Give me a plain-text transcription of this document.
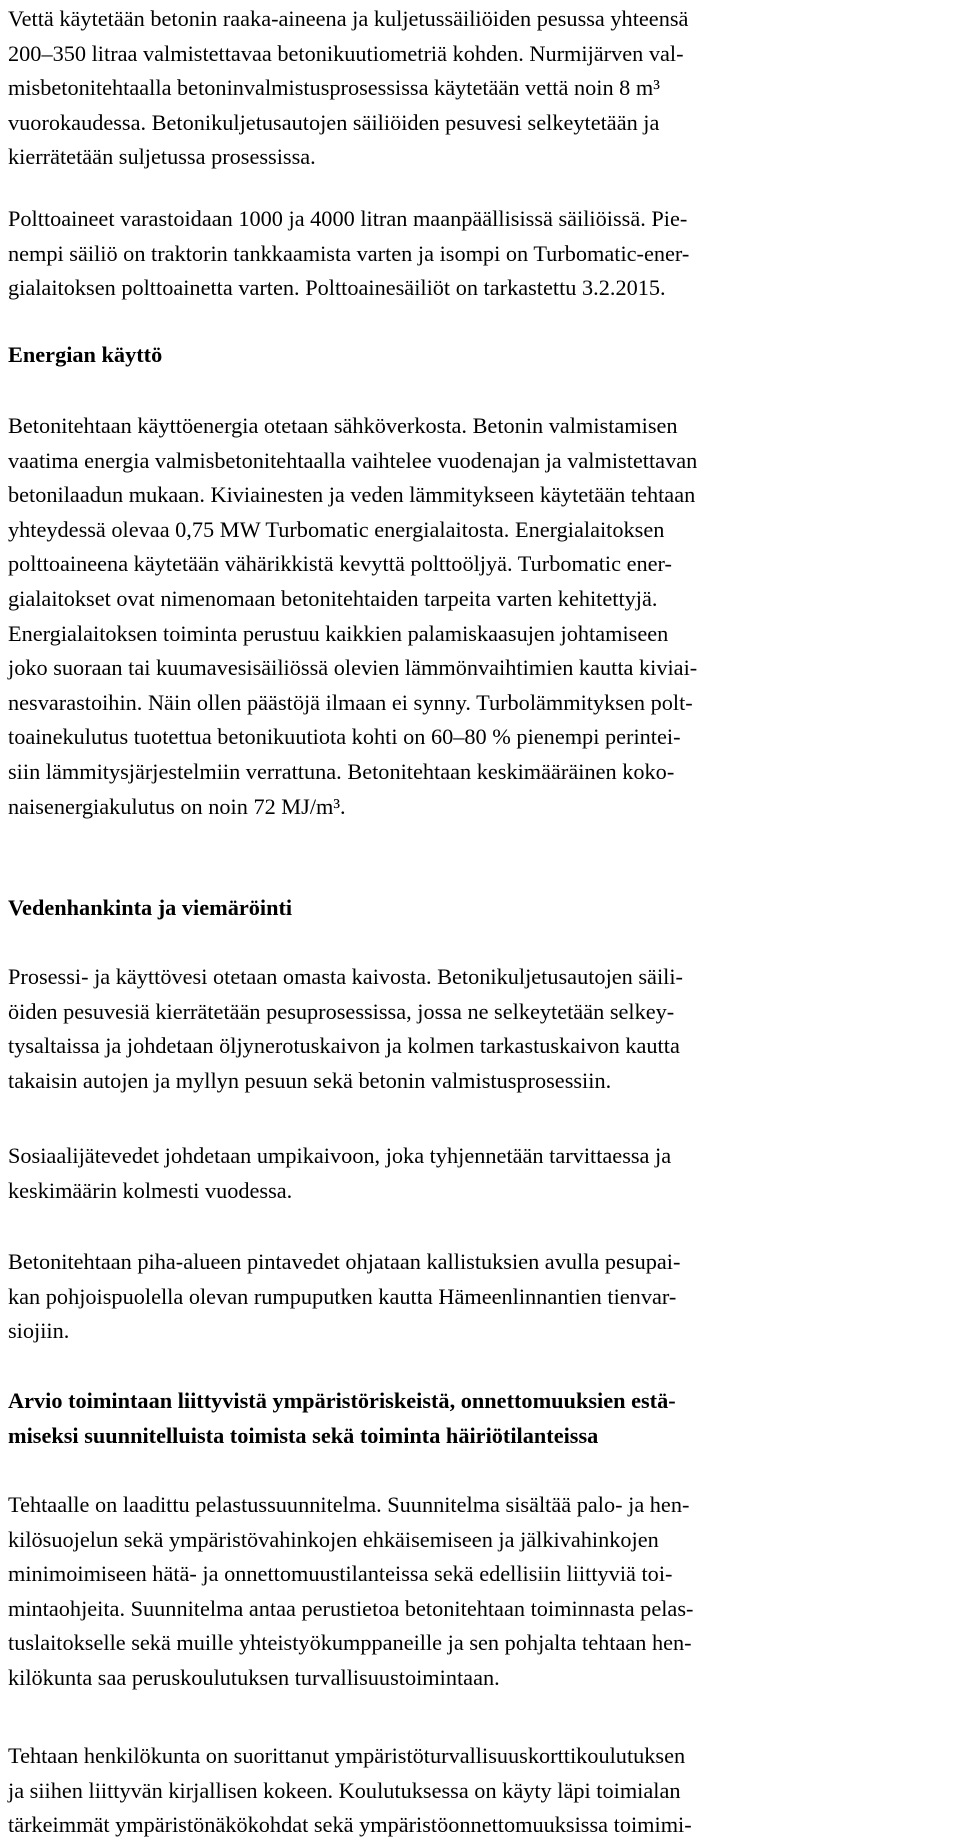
Vettä käytetään betonin raaka-aineena ja kuljetussäiliöiden pesussa yhteensä
200–350 litraa valmistettavaa betonikuutiometriä kohden. Nurmijärven val-
misbetonitehtaalla betoninvalmistusprosessissa käytetään vettä noin 8 m³
vuorokaudessa. Betonikuljetusautojen säiliöiden pesuvesi selkeytetään ja
kierrätetään suljetussa prosessissa.
Polttoaineet varastoidaan 1000 ja 4000 litran maanpäällisissä säiliöissä. Pie-
nempi säiliö on traktorin tankkaamista varten ja isompi on Turbomatic-ener-
gialaitoksen polttoainetta varten. Polttoainesäiliöt on tarkastettu 3.2.2015.
Energian käyttö
Betonitehtaan käyttöenergia otetaan sähköverkosta. Betonin valmistamisen
vaatima energia valmisbetonitehtaalla vaihtelee vuodenajan ja valmistettavan
betonilaadun mukaan. Kiviainesten ja veden lämmitykseen käytetään tehtaan
yhteydessä olevaa 0,75 MW Turbomatic energialaitosta. Energialaitoksen
polttoaineena käytetään vähärikkistä kevyttä polttoöljyä. Turbomatic ener-
gialaitokset ovat nimenomaan betonitehtaiden tarpeita varten kehitettyjä.
Energialaitoksen toiminta perustuu kaikkien palamiskaasujen johtamiseen
joko suoraan tai kuumavesisäiliössä olevien lämmönvaihtimien kautta kiviai-
nesvarastoihin. Näin ollen päästöjä ilmaan ei synny. Turbolämmityksen polt-
toainekulutus tuotettua betonikuutiota kohti on 60–80 % pienempi perintei-
siin lämmitysjärjestelmiin verrattuna. Betonitehtaan keskimääräinen koko-
naisenergiakulutus on noin 72 MJ/m³.
Vedenhankinta ja viemäröinti
Prosessi- ja käyttövesi otetaan omasta kaivosta. Betonikuljetusautojen säili-
öiden pesuvesiä kierrätetään pesuprosessissa, jossa ne selkeytetään selkey-
tysaltaissa ja johdetaan öljynerotuskaivon ja kolmen tarkastuskaivon kautta
takaisin autojen ja myllyn pesuun sekä betonin valmistusprosessiin.
Sosiaalijätevedet johdetaan umpikaivoon, joka tyhjennetään tarvittaessa ja
keskimäärin kolmesti vuodessa.
Betonitehtaan piha-alueen pintavedet ohjataan kallistuksien avulla pesupai-
kan pohjoispuolella olevan rumpuputken kautta Hämeenlinnantien tienvar-
siojiin.
Arvio toimintaan liittyvistä ympäristöriskeistä, onnettomuuksien estä-
miseksi suunnitelluista toimista sekä toiminta häiriötilanteissa
Tehtaalle on laadittu pelastussuunnitelma. Suunnitelma sisältää palo- ja hen-
kilösuojelun sekä ympäristövahinkojen ehkäisemiseen ja jälkivahinkojen
minimoimiseen hätä- ja onnettomuustilanteissa sekä edellisiin liittyviä toi-
mintaohjeita. Suunnitelma antaa perustietoa betonitehtaan toiminnasta pelas-
tuslaitokselle sekä muille yhteistyökumppaneille ja sen pohjalta tehtaan hen-
kilökunta saa peruskoulutuksen turvallisuustoimintaan.
Tehtaan henkilökunta on suorittanut ympäristöturvallisuuskorttikoulutuksen
ja siihen liittyvän kirjallisen kokeen. Koulutuksessa on käyty läpi toimialan
tärkeimmät ympäristönäkökohdat sekä ympäristöonnettomuuksissa toimimi-
